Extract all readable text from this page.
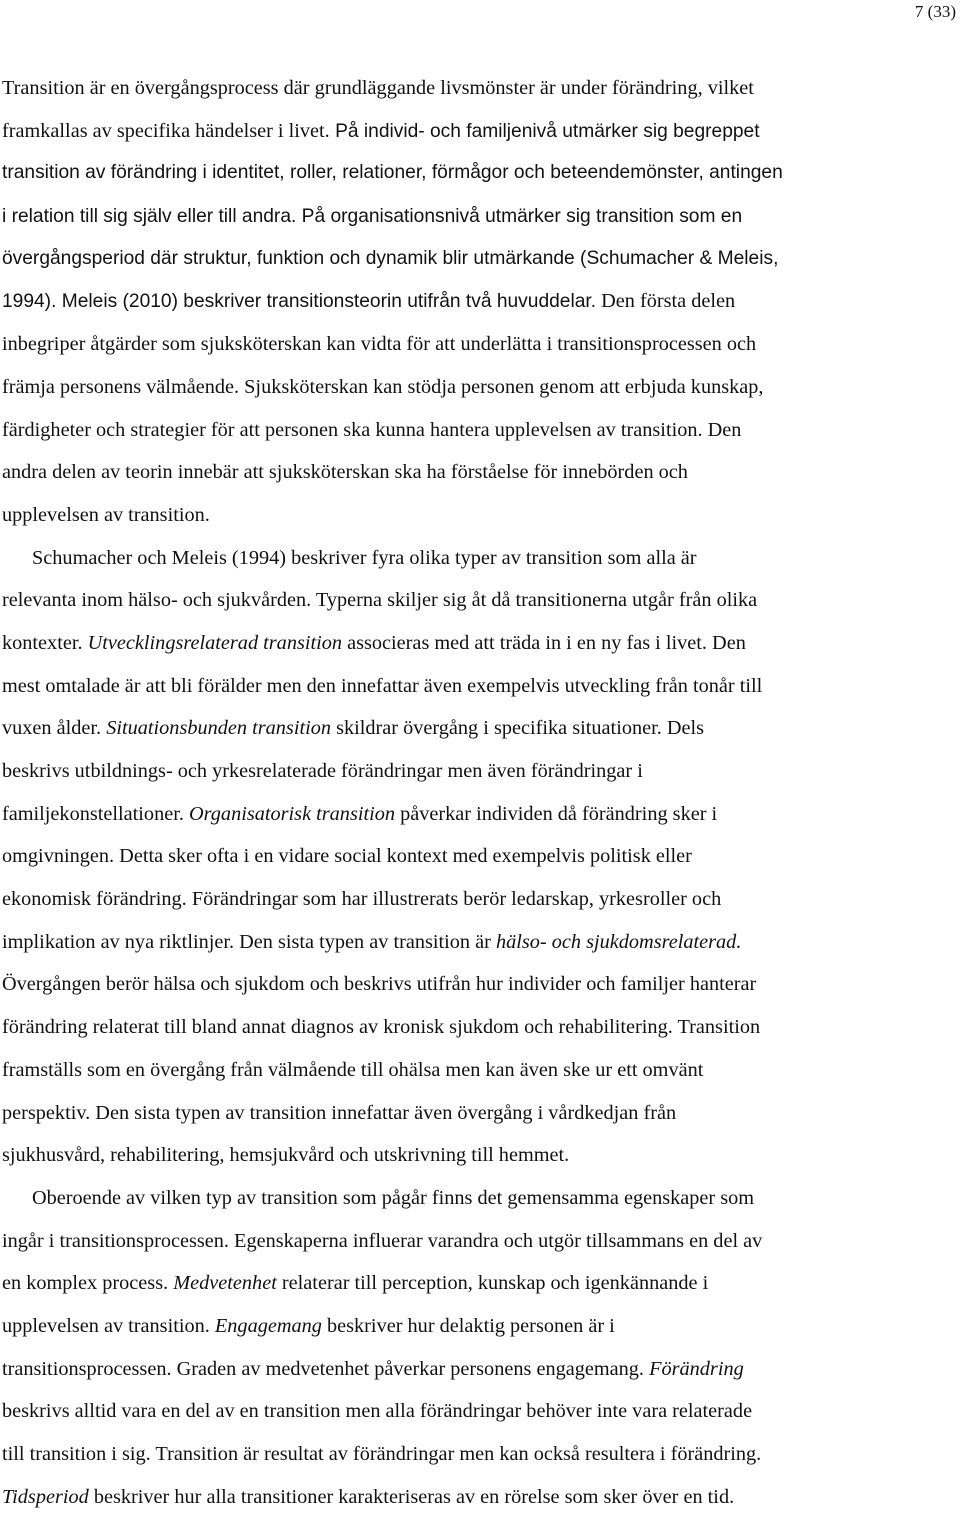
7 (33)
Transition är en övergångsprocess där grundläggande livsmönster är under förändring, vilket
framkallas av specifika händelser i livet. På individ- och familjenivå utmärker sig begreppet
transition av förändring i identitet, roller, relationer, förmågor och beteendemönster, antingen
i relation till sig själv eller till andra. På organisationsnivå utmärker sig transition som en
övergångsperiod där struktur, funktion och dynamik blir utmärkande (Schumacher & Meleis,
1994). Meleis (2010) beskriver transitionsteorin utifrån två huvuddelar. Den första delen
inbegriper åtgärder som sjuksköterskan kan vidta för att underlätta i transitionsprocessen och
främja personens välmående. Sjuksköterskan kan stödja personen genom att erbjuda kunskap,
färdigheter och strategier för att personen ska kunna hantera upplevelsen av transition. Den
andra delen av teorin innebär att sjuksköterskan ska ha förståelse för innebörden och
upplevelsen av transition.
Schumacher och Meleis (1994) beskriver fyra olika typer av transition som alla är
relevanta inom hälso- och sjukvården. Typerna skiljer sig åt då transitionerna utgår från olika
kontexter. Utvecklingsrelaterad transition associeras med att träda in i en ny fas i livet. Den
mest omtalade är att bli förälder men den innefattar även exempelvis utveckling från tonår till
vuxen ålder. Situationsbunden transition skildrar övergång i specifika situationer. Dels
beskrivs utbildnings- och yrkesrelaterade förändringar men även förändringar i
familjekonstellationer. Organisatorisk transition påverkar individen då förändring sker i
omgivningen. Detta sker ofta i en vidare social kontext med exempelvis politisk eller
ekonomisk förändring. Förändringar som har illustrerats berör ledarskap, yrkesroller och
implikation av nya riktlinjer. Den sista typen av transition är hälso- och sjukdomsrelaterad.
Övergången berör hälsa och sjukdom och beskrivs utifrån hur individer och familjer hanterar
förändring relaterat till bland annat diagnos av kronisk sjukdom och rehabilitering. Transition
framställs som en övergång från välmående till ohälsa men kan även ske ur ett omvänt
perspektiv. Den sista typen av transition innefattar även övergång i vårdkedjan från
sjukhusvård, rehabilitering, hemsjukvård och utskrivning till hemmet.
Oberoende av vilken typ av transition som pågår finns det gemensamma egenskaper som
ingår i transitionsprocessen. Egenskaperna influerar varandra och utgör tillsammans en del av
en komplex process. Medvetenhet relaterar till perception, kunskap och igenkännande i
upplevelsen av transition. Engagemang beskriver hur delaktig personen är i
transitionsprocessen. Graden av medvetenhet påverkar personens engagemang. Förändring
beskrivs alltid vara en del av en transition men alla förändringar behöver inte vara relaterade
till transition i sig. Transition är resultat av förändringar men kan också resultera i förändring.
Tidsperiod beskriver hur alla transitioner karakteriseras av en rörelse som sker över en tid.
